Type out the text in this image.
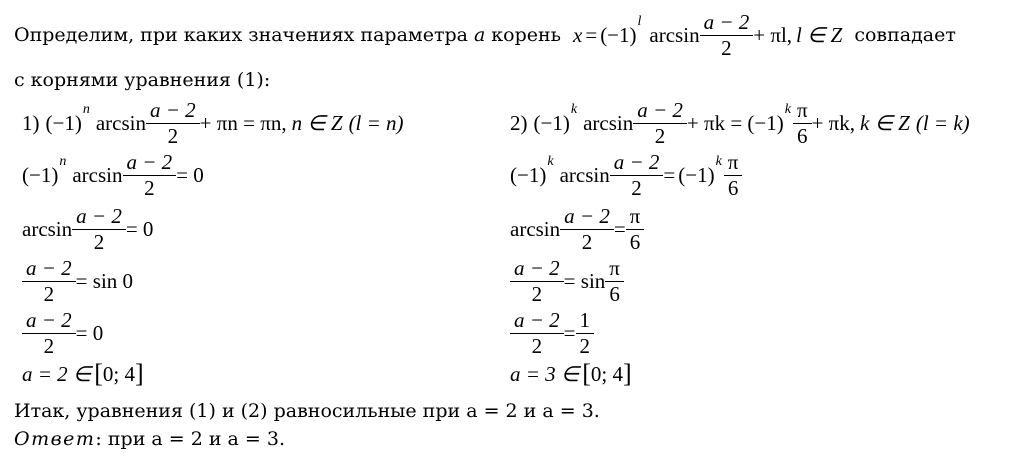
Определим, при каких значениях параметра a корень x = (−1)
l
$\arcsin \frac{a - 2}{2} + \pi l$, l ∈ Z совпадает
с корнями уравнения (1):
1) (−1)
n
$\arcsin \frac{a - 2}{2} + \pi n = \pi n$, n ∈ Z (l = n)
(−1)
n
$\arcsin \frac{a - 2}{2} = 0$
$\arcsin \frac{a - 2}{2} = 0$
$\frac{a - 2}{2} = \sin 0$
$\frac{a - 2}{2} = 0$
a = 2 ∈ [ 0; 4 ]
2) (−1)
k
$\arcsin \frac{a - 2}{2} + \pi k = (-1)$
k $\frac{\pi}{6} + \pi k$, k ∈ Z (l = k)
(−1)
k
$\arcsin \frac{a - 2}{2} = (-1)$
k $\frac{\pi}{6}$
$\arcsin \frac{a - 2}{2} = \frac{\pi}{6}$
$\frac{a - 2}{2} = \sin \frac{\pi}{6}$
$\frac{a - 2}{2} = \frac{1}{2}$
a = 3 ∈ [ 0; 4 ]
Итак, уравнения (1) и (2) равносильные при a = 2 и a = 3.
Ответ : при a = 2 и a = 3.
